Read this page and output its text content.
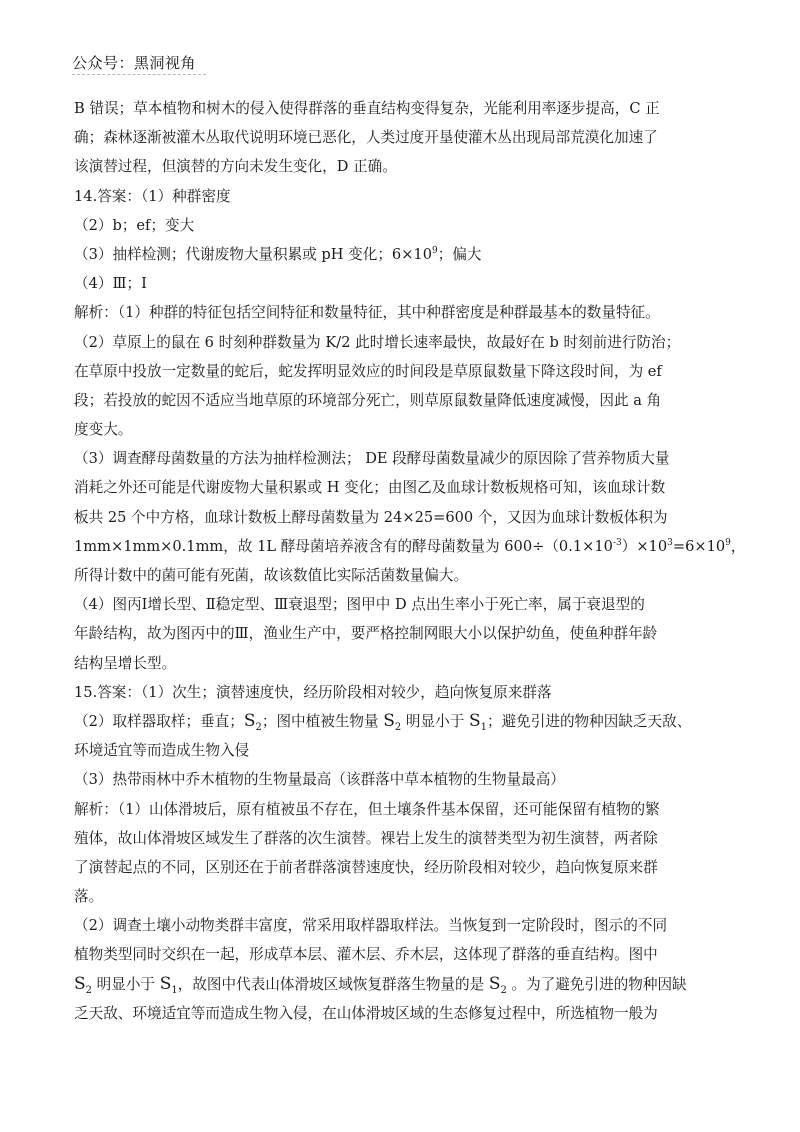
公众号：黑洞视角
B 错误；草本植物和树木的侵入使得群落的垂直结构变得复杂，光能利用率逐步提高，C 正
确；森林逐渐被灌木丛取代说明环境已恶化，人类过度开垦使灌木丛出现局部荒漠化加速了
该演替过程，但演替的方向未发生变化，D 正确。
14.答案：（1）种群密度
（2）b；ef；变大
（3）抽样检测；代谢废物大量积累或 pH 变化；$6\times 10^9$；偏大
（4）Ⅲ；Ⅰ
解析：（1）种群的特征包括空间特征和数量特征，其中种群密度是种群最基本的数量特征。
（2）草原上的鼠在 6 时刻种群数量为 K/2 此时增长速率最快，故最好在 b 时刻前进行防治；
在草原中投放一定数量的蛇后，蛇发挥明显效应的时间段是草原鼠数量下降这段时间，为 ef
段；若投放的蛇因不适应当地草原的环境部分死亡，则草原鼠数量降低速度减慢，因此 a 角
度变大。
（3）调查酵母菌数量的方法为抽样检测法； DE 段酵母菌数量减少的原因除了营养物质大量
消耗之外还可能是代谢废物大量积累或 H 变化；由图乙及血球计数板规格可知，该血球计数
板共 25 个中方格，血球计数板上酵母菌数量为 24×25=600 个，又因为血球计数板体积为
1mm×1mm×0.1mm，故 1L 酵母菌培养液含有的酵母菌数量为 $600\div(0.1\times 10^{-3})\times 10^3=6\times 10^9$，
所得计数中的菌可能有死菌，故该数值比实际活菌数量偏大。
（4）图丙Ⅰ增长型、Ⅱ稳定型、Ⅲ衰退型；图甲中 D 点出生率小于死亡率，属于衰退型的
年龄结构，故为图丙中的Ⅲ，渔业生产中，要严格控制网眼大小以保护幼鱼，使鱼种群年龄
结构呈增长型。
15.答案：（1）次生；演替速度快，经历阶段相对较少，趋向恢复原来群落
（2）取样器取样；垂直；$S_2$；图中植被生物量 $S_2$ 明显小于 $S_1$；避免引进的物种因缺乏天敌、
环境适宜等而造成生物入侵
（3）热带雨林中乔木植物的生物量最高（该群落中草本植物的生物量最高）
解析：（1）山体滑坡后，原有植被虽不存在，但土壤条件基本保留，还可能保留有植物的繁
殖体，故山体滑坡区域发生了群落的次生演替。裸岩上发生的演替类型为初生演替，两者除
了演替起点的不同，区别还在于前者群落演替速度快，经历阶段相对较少，趋向恢复原来群
落。
（2）调查土壤小动物类群丰富度，常采用取样器取样法。当恢复到一定阶段时，图示的不同
植物类型同时交织在一起，形成草本层、灌木层、乔木层，这体现了群落的垂直结构。图中
$S_2$ 明显小于 $S_1$，故图中代表山体滑坡区域恢复群落生物量的是 $S_2$ 。为了避免引进的物种因缺
乏天敌、环境适宜等而造成生物入侵，在山体滑坡区域的生态修复过程中，所选植物一般为
